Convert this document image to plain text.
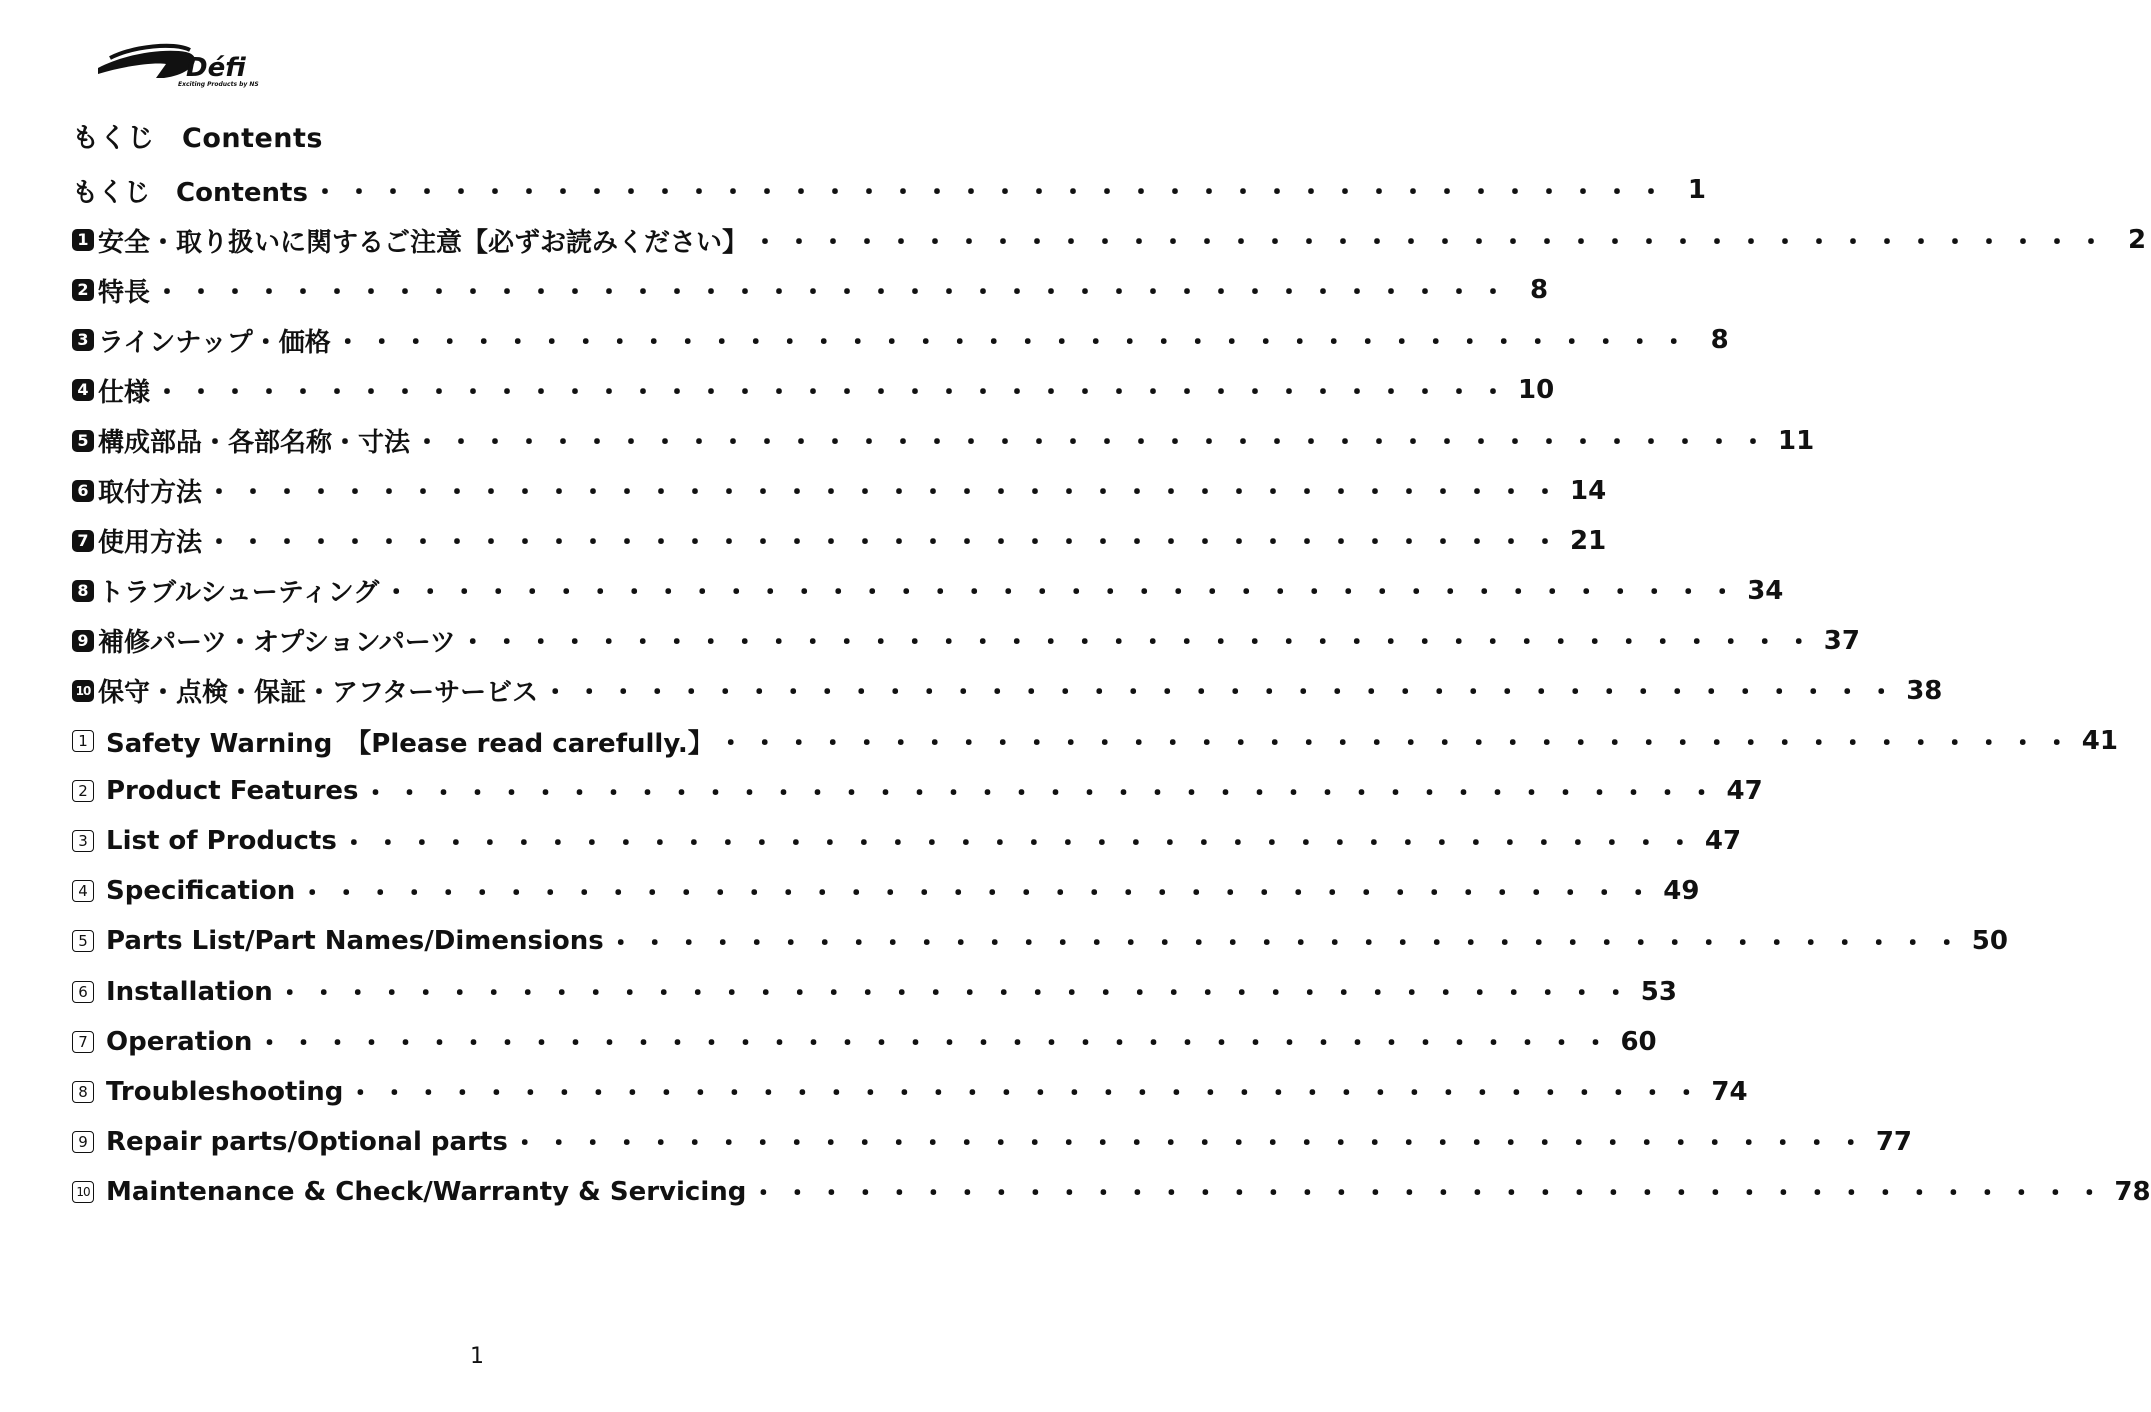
Défi
Exciting Products by NS
もくじ　Contents
もくじ　Contents ・・・・・・・・・・・・・・・・・・・・・・・・・・・・・・・・・・・・・・・・ 1
1 安全・取り扱いに関するご注意【必ずお読みください】 ・・・・・・・・・・・・・・・・・・・・・・・・・・・・・・・・・・・・・・・・ 2
2 特長 ・・・・・・・・・・・・・・・・・・・・・・・・・・・・・・・・・・・・・・・・ 8
3 ラインナップ・価格 ・・・・・・・・・・・・・・・・・・・・・・・・・・・・・・・・・・・・・・・・ 8
4 仕様 ・・・・・・・・・・・・・・・・・・・・・・・・・・・・・・・・・・・・・・・・ 10
5 構成部品・各部名称・寸法 ・・・・・・・・・・・・・・・・・・・・・・・・・・・・・・・・・・・・・・・・ 11
6 取付方法 ・・・・・・・・・・・・・・・・・・・・・・・・・・・・・・・・・・・・・・・・ 14
7 使用方法 ・・・・・・・・・・・・・・・・・・・・・・・・・・・・・・・・・・・・・・・・ 21
8 トラブルシューティング ・・・・・・・・・・・・・・・・・・・・・・・・・・・・・・・・・・・・・・・・ 34
9 補修パーツ・オプションパーツ ・・・・・・・・・・・・・・・・・・・・・・・・・・・・・・・・・・・・・・・・ 37
10 保守・点検・保証・アフターサービス ・・・・・・・・・・・・・・・・・・・・・・・・・・・・・・・・・・・・・・・・ 38
1 Safety Warning　【Please read carefully.】 ・・・・・・・・・・・・・・・・・・・・・・・・・・・・・・・・・・・・・・・・ 41
2 Product Features ・・・・・・・・・・・・・・・・・・・・・・・・・・・・・・・・・・・・・・・・ 47
3 List of Products ・・・・・・・・・・・・・・・・・・・・・・・・・・・・・・・・・・・・・・・・ 47
4 Specification ・・・・・・・・・・・・・・・・・・・・・・・・・・・・・・・・・・・・・・・・ 49
5 Parts List/Part Names/Dimensions ・・・・・・・・・・・・・・・・・・・・・・・・・・・・・・・・・・・・・・・・ 50
6 Installation ・・・・・・・・・・・・・・・・・・・・・・・・・・・・・・・・・・・・・・・・ 53
7 Operation ・・・・・・・・・・・・・・・・・・・・・・・・・・・・・・・・・・・・・・・・ 60
8 Troubleshooting ・・・・・・・・・・・・・・・・・・・・・・・・・・・・・・・・・・・・・・・・ 74
9 Repair parts/Optional parts ・・・・・・・・・・・・・・・・・・・・・・・・・・・・・・・・・・・・・・・・ 77
10 Maintenance & Check/Warranty & Servicing ・・・・・・・・・・・・・・・・・・・・・・・・・・・・・・・・・・・・・・・・ 78
1
